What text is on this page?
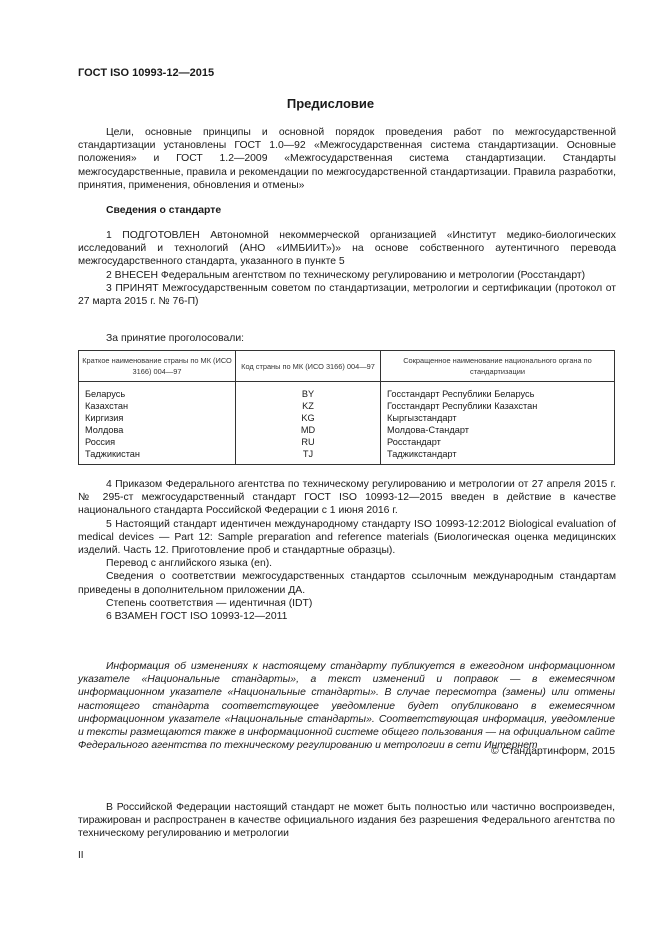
ГОСТ ISO 10993-12—2015
Предисловие

Цели, основные принципы и основной порядок проведения работ по межгосударственной стандартизации установлены ГОСТ 1.0—92 «Межгосударственная система стандартизации. Основные положения» и ГОСТ 1.2—2009 «Межгосударственная система стандартизации. Стандарты межгосударственные, правила и рекомендации по межгосударственной стандартизации. Правила разработки, принятия, применения, обновления и отмены»

Сведения о стандарте

1 ПОДГОТОВЛЕН Автономной некоммерческой организацией «Институт медико-биологических исследований и технологий (АНО «ИМБИИТ»)» на основе собственного аутентичного перевода межгосударственного стандарта, указанного в пункте 5

2 ВНЕСЕН Федеральным агентством по техническому регулированию и метрологии (Росстандарт)

3 ПРИНЯТ Межгосударственным советом по стандартизации, метрологии и сертификации (протокол от 27 марта 2015 г. № 76-П)

За принятие проголосовали:
Краткое наименование страны по МК (ИСО 3166) 004—97	Код страны по МК (ИСО 3166) 004—97	Сокращенное наименование национального органа по стандартизации
Беларусь	BY	Госстандарт Республики Беларусь
Казахстан	KZ	Госстандарт Республики Казахстан
Киргизия	KG	Кыргызстандарт
Молдова	MD	Молдова-Стандарт
Россия	RU	Росстандарт
Таджикистан	TJ	Таджикстандарт

4 Приказом Федерального агентства по техническому регулированию и метрологии от 27 апреля 2015 г. № 295-ст межгосударственный стандарт ГОСТ ISO 10993-12—2015 введен в действие в качестве национального стандарта Российской Федерации с 1 июня 2016 г.

5 Настоящий стандарт идентичен международному стандарту ISO 10993-12:2012 Biological evaluation of medical devices — Part 12: Sample preparation and reference materials (Биологическая оценка медицинских изделий. Часть 12. Приготовление проб и стандартные образцы).

Перевод с английского языка (en).

Сведения о соответствии межгосударственных стандартов ссылочным международным стандартам приведены в дополнительном приложении ДА.

Степень соответствия — идентичная (IDT)

6 ВЗАМЕН ГОСТ ISO 10993-12—2011

Информация об изменениях к настоящему стандарту публикуется в ежегодном информационном указателе «Национальные стандарты», а текст изменений и поправок — в ежемесячном информационном указателе «Национальные стандарты». В случае пересмотра (замены) или отмены настоящего стандарта соответствующее уведомление будет опубликовано в ежемесячном информационном указателе «Национальные стандарты». Соответствующая информация, уведомление и тексты размещаются также в информационной системе общего пользования — на официальном сайте Федерального агентства по техническому регулированию и метрологии в сети Интернет

© Стандартинформ, 2015

В Российской Федерации настоящий стандарт не может быть полностью или частично воспроизведен, тиражирован и распространен в качестве официального издания без разрешения Федерального агентства по техническому регулированию и метрологии

II
